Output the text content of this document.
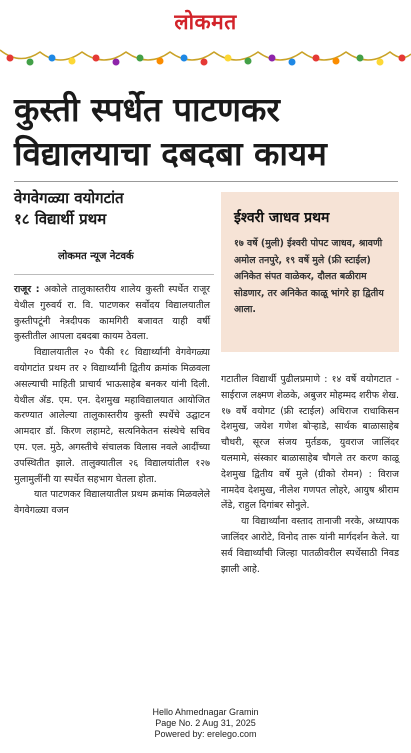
लोकमत
कुस्ती स्पर्धेत पाटणकर
विद्यालयाचा दबदबा कायम
वेगवेगळ्या वयोगटांत
१८ विद्यार्थी प्रथम
लोकमत न्यूज नेटवर्क
ईश्वरी जाधव प्रथम
१७ वर्षे (मुली) ईश्वरी पोपट जाधव, श्रावणी अमोल तनपुरे, १९ वर्षे मुले (फ्री स्टाईल) अनिकेत संपत वाळेकर, दौलत बळीराम सोडणार, तर अनिकेत काळू भांगरे हा द्वितीय आला.

राजूर : अकोले तालुकास्तरीय शालेय कुस्ती स्पर्धेत राजूर येथील गुरुवर्य रा. वि. पाटणकर सर्वोदय विद्यालयातील कुस्तीपटूंनी नेत्रदीपक कामगिरी बजावत याही वर्षी कुस्तीतील आपला दबदबा कायम ठेवला.

विद्यालयातील २० पैकी १८ विद्यार्थ्यांनी वेगवेगळ्या वयोगटांत प्रथम तर २ विद्यार्थ्यांनी द्वितीय क्रमांक मिळवला असल्याची माहिती प्राचार्य भाऊसाहेब बनकर यांनी दिली. येथील ॲड. एम. एन. देशमुख महाविद्यालयात आयोजित करण्यात आलेल्या तालुकास्तरीय कुस्ती स्पर्धेचे उद्घाटन आमदार डॉ. किरण लहामटे, सत्यनिकेतन संस्थेचे सचिव एम. एल. मुठे, अगस्तीचे संचालक विलास नवले आदींच्या उपस्थितीत झाले. तालुक्यातील २६ विद्यालयांतील १२७ मुलामुलींनी या स्पर्धेत सहभाग घेतला होता.

यात पाटणकर विद्यालयातील प्रथम क्रमांक मिळवलेले वेगवेगळ्या वजन

गटातील विद्यार्थी पुढीलप्रमाणे : १४ वर्षे वयोगटात - साईराज लक्ष्मण शेळके, अबुजर मोहम्मद शरीफ शेख. १७ वर्षे वयोगट (फ्री स्टाईल) अधिराज राधाकिसन देशमुख, जयेश गणेश बोऱ्हाडे, सार्थक बाळासाहेब चौधरी, सूरज संजय मुर्तडक, युवराज जालिंदर यलमामे, संस्कार बाळासाहेब चौगले तर करण काळू देशमुख द्वितीय वर्षे मुले (ग्रीको रोमन) : विराज नामदेव देशमुख, नीलेश गणपत लोहरे, आयुष श्रीराम लेंडे, राहुल दिगांबर सोनुले.

या विद्यार्थ्यांना वस्ताद तानाजी नरके, अध्यापक जालिंदर आरोटे, विनोद तारू यांनी मार्गदर्शन केले. या सर्व विद्यार्थ्यांची जिल्हा पातळीवरील स्पर्धेसाठी निवड झाली आहे.

Hello Ahmednagar Gramin
Page No. 2 Aug 31, 2025
Powered by: erelego.com
